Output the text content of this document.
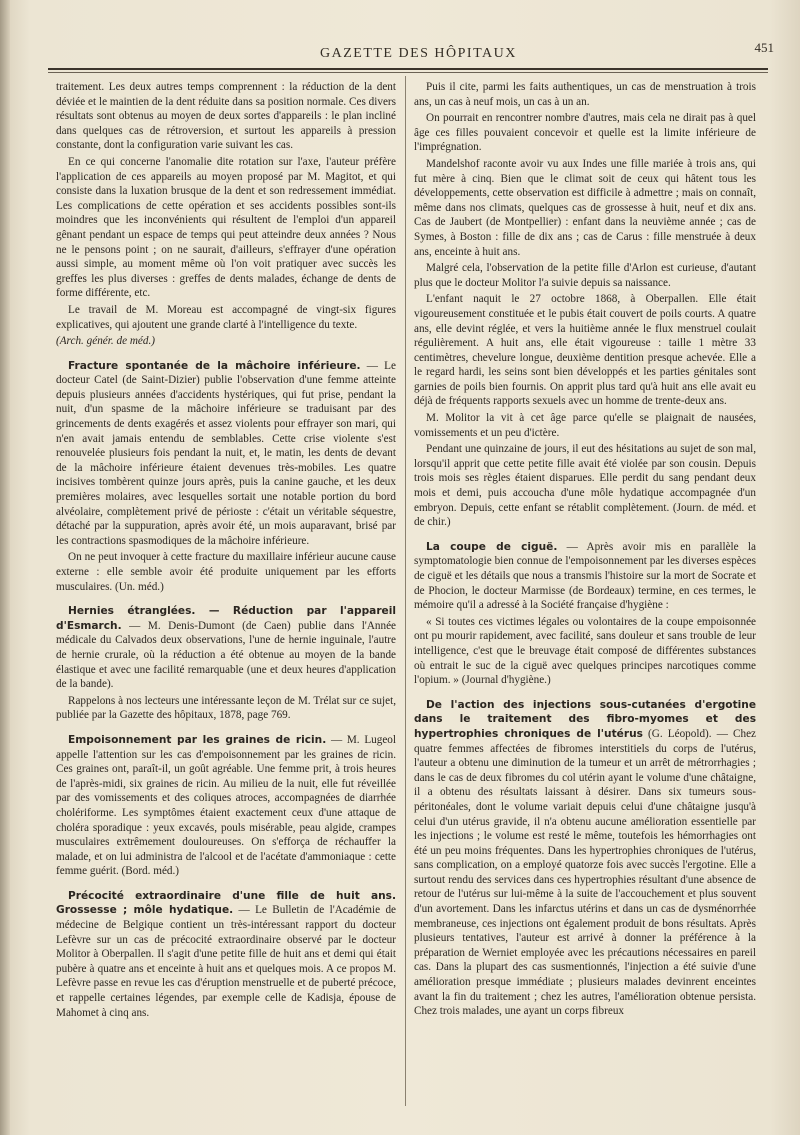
GAZETTE DES HÔPITAUX	451

traitement. Les deux autres temps comprennent : la réduction de la dent déviée et le maintien de la dent réduite dans sa position normale. Ces divers résultats sont obtenus au moyen de deux sortes d'appareils : le plan incliné dans quelques cas de rétroversion, et surtout les appareils à pression constante, dont la configuration varie suivant les cas.

En ce qui concerne l'anomalie dite rotation sur l'axe, l'auteur préfère l'application de ces appareils au moyen proposé par M. Magitot, et qui consiste dans la luxation brusque de la dent et son redressement immédiat. Les complications de cette opération et ses accidents possibles sont-ils moindres que les inconvénients qui résultent de l'emploi d'un appareil gênant pendant un espace de temps qui peut atteindre deux années ? Nous ne le pensons point ; on ne saurait, d'ailleurs, s'effrayer d'une opération aussi simple, au moment même où l'on voit pratiquer avec succès les greffes les plus diverses : greffes de dents malades, échange de dents de forme différente, etc.

Le travail de M. Moreau est accompagné de vingt-six figures explicatives, qui ajoutent une grande clarté à l'intelligence du texte.

(Arch. génér. de méd.)

Fracture spontanée de la mâchoire inférieure. — Le docteur Catel (de Saint-Dizier) publie l'observation d'une femme atteinte depuis plusieurs années d'accidents hystériques, qui fut prise, pendant la nuit, d'un spasme de la mâchoire inférieure se traduisant par des grincements de dents exagérés et assez violents pour effrayer son mari, qui n'en avait jamais entendu de semblables. Cette crise violente s'est renouvelée plusieurs fois pendant la nuit, et, le matin, les dents de devant de la mâchoire inférieure étaient devenues très-mobiles. Les quatre incisives tombèrent quinze jours après, puis la canine gauche, et les deux premières molaires, avec lesquelles sortait une notable portion du bord alvéolaire, complètement privé de périoste : c'était un véritable séquestre, détaché par la suppuration, après avoir été, un mois auparavant, brisé par les contractions spasmodiques de la mâchoire inférieure.

On ne peut invoquer à cette fracture du maxillaire inférieur aucune cause externe : elle semble avoir été produite uniquement par les efforts musculaires. (Un. méd.)

Hernies étranglées. — Réduction par l'appareil d'Esmarch. — M. Denis-Dumont (de Caen) publie dans l'Année médicale du Calvados deux observations, l'une de hernie inguinale, l'autre de hernie crurale, où la réduction a été obtenue au moyen de la bande élastique et avec une facilité remarquable (une et deux heures d'application de la bande).

Rappelons à nos lecteurs une intéressante leçon de M. Trélat sur ce sujet, publiée par la Gazette des hôpitaux, 1878, page 769.

Empoisonnement par les graines de ricin. — M. Lugeol appelle l'attention sur les cas d'empoisonnement par les graines de ricin. Ces graines ont, paraît-il, un goût agréable. Une femme prit, à trois heures de l'après-midi, six graines de ricin. Au milieu de la nuit, elle fut réveillée par des vomissements et des coliques atroces, accompagnées de diarrhée cholériforme. Les symptômes étaient exactement ceux d'une attaque de choléra sporadique : yeux excavés, pouls misérable, peau algide, crampes musculaires extrêmement douloureuses. On s'efforça de réchauffer la malade, et on lui administra de l'alcool et de l'acétate d'ammoniaque : cette femme guérit. (Bord. méd.)

Précocité extraordinaire d'une fille de huit ans. Grossesse ; môle hydatique. — Le Bulletin de l'Académie de médecine de Belgique contient un très-intéressant rapport du docteur Lefèvre sur un cas de précocité extraordinaire observé par le docteur Molitor à Oberpallen. Il s'agit d'une petite fille de huit ans et demi qui était pubère à quatre ans et enceinte à huit ans et quelques mois. A ce propos M. Lefèvre passe en revue les cas d'éruption menstruelle et de puberté précoce, et rappelle certaines légendes, par exemple celle de Kadisja, épouse de Mahomet à cinq ans.

Puis il cite, parmi les faits authentiques, un cas de menstruation à trois ans, un cas à neuf mois, un cas à un an.

On pourrait en rencontrer nombre d'autres, mais cela ne dirait pas à quel âge ces filles pouvaient concevoir et quelle est la limite inférieure de l'imprégnation.

Mandelshof raconte avoir vu aux Indes une fille mariée à trois ans, qui fut mère à cinq. Bien que le climat soit de ceux qui hâtent tous les développements, cette observation est difficile à admettre ; mais on connaît, même dans nos climats, quelques cas de grossesse à huit, neuf et dix ans. Cas de Jaubert (de Montpellier) : enfant dans la neuvième année ; cas de Symes, à Boston : fille de dix ans ; cas de Carus : fille menstruée à deux ans, enceinte à huit ans.

Malgré cela, l'observation de la petite fille d'Arlon est curieuse, d'autant plus que le docteur Molitor l'a suivie depuis sa naissance.

L'enfant naquit le 27 octobre 1868, à Oberpallen. Elle était vigoureusement constituée et le pubis était couvert de poils courts. A quatre ans, elle devint réglée, et vers la huitième année le flux menstruel coulait régulièrement. A huit ans, elle était vigoureuse : taille 1 mètre 33 centimètres, chevelure longue, deuxième dentition presque achevée. Elle a le regard hardi, les seins sont bien développés et les parties génitales sont garnies de poils bien fournis. On apprit plus tard qu'à huit ans elle avait eu déjà de fréquents rapports sexuels avec un homme de trente-deux ans.

M. Molitor la vit à cet âge parce qu'elle se plaignait de nausées, vomissements et un peu d'ictère.

Pendant une quinzaine de jours, il eut des hésitations au sujet de son mal, lorsqu'il apprit que cette petite fille avait été violée par son cousin. Depuis trois mois ses règles étaient disparues. Elle perdit du sang pendant deux mois et demi, puis accoucha d'une môle hydatique accompagnée d'un embryon. Depuis, cette enfant se rétablit complètement. (Journ. de méd. et de chir.)

La coupe de ciguë. — Après avoir mis en parallèle la symptomatologie bien connue de l'empoisonnement par les diverses espèces de ciguë et les détails que nous a transmis l'histoire sur la mort de Socrate et de Phocion, le docteur Marmisse (de Bordeaux) termine, en ces termes, le mémoire qu'il a adressé à la Société française d'hygiène :

« Si toutes ces victimes légales ou volontaires de la coupe empoisonnée ont pu mourir rapidement, avec facilité, sans douleur et sans trouble de leur intelligence, c'est que le breuvage était composé de différentes substances où entrait le suc de la ciguë avec quelques principes narcotiques comme l'opium. » (Journal d'hygiène.)

De l'action des injections sous-cutanées d'ergotine dans le traitement des fibro-myomes et des hypertrophies chroniques de l'utérus (G. Léopold). — Chez quatre femmes affectées de fibromes interstitiels du corps de l'utérus, l'auteur a obtenu une diminution de la tumeur et un arrêt de métrorrhagies ; dans le cas de deux fibromes du col utérin ayant le volume d'une châtaigne, il a obtenu des résultats laissant à désirer. Dans six tumeurs sous-péritonéales, dont le volume variait depuis celui d'une châtaigne jusqu'à celui d'un utérus gravide, il n'a obtenu aucune amélioration essentielle par les injections ; le volume est resté le même, toutefois les hémorrhagies ont été un peu moins fréquentes. Dans les hypertrophies chroniques de l'utérus, sans complication, on a employé quatorze fois avec succès l'ergotine. Elle a surtout rendu des services dans ces hypertrophies résultant d'une absence de retour de l'utérus sur lui-même à la suite de l'accouchement et plus souvent d'un avortement. Dans les infarctus utérins et dans un cas de dysménorrhée membraneuse, ces injections ont également produit de bons résultats. Après plusieurs tentatives, l'auteur est arrivé à donner la préférence à la préparation de Werniet employée avec les précautions nécessaires en pareil cas. Dans la plupart des cas susmentionnés, l'injection a été suivie d'une amélioration presque immédiate ; plusieurs malades devinrent enceintes avant la fin du traitement ; chez les autres, l'amélioration obtenue persista. Chez trois malades, une ayant un corps fibreux
